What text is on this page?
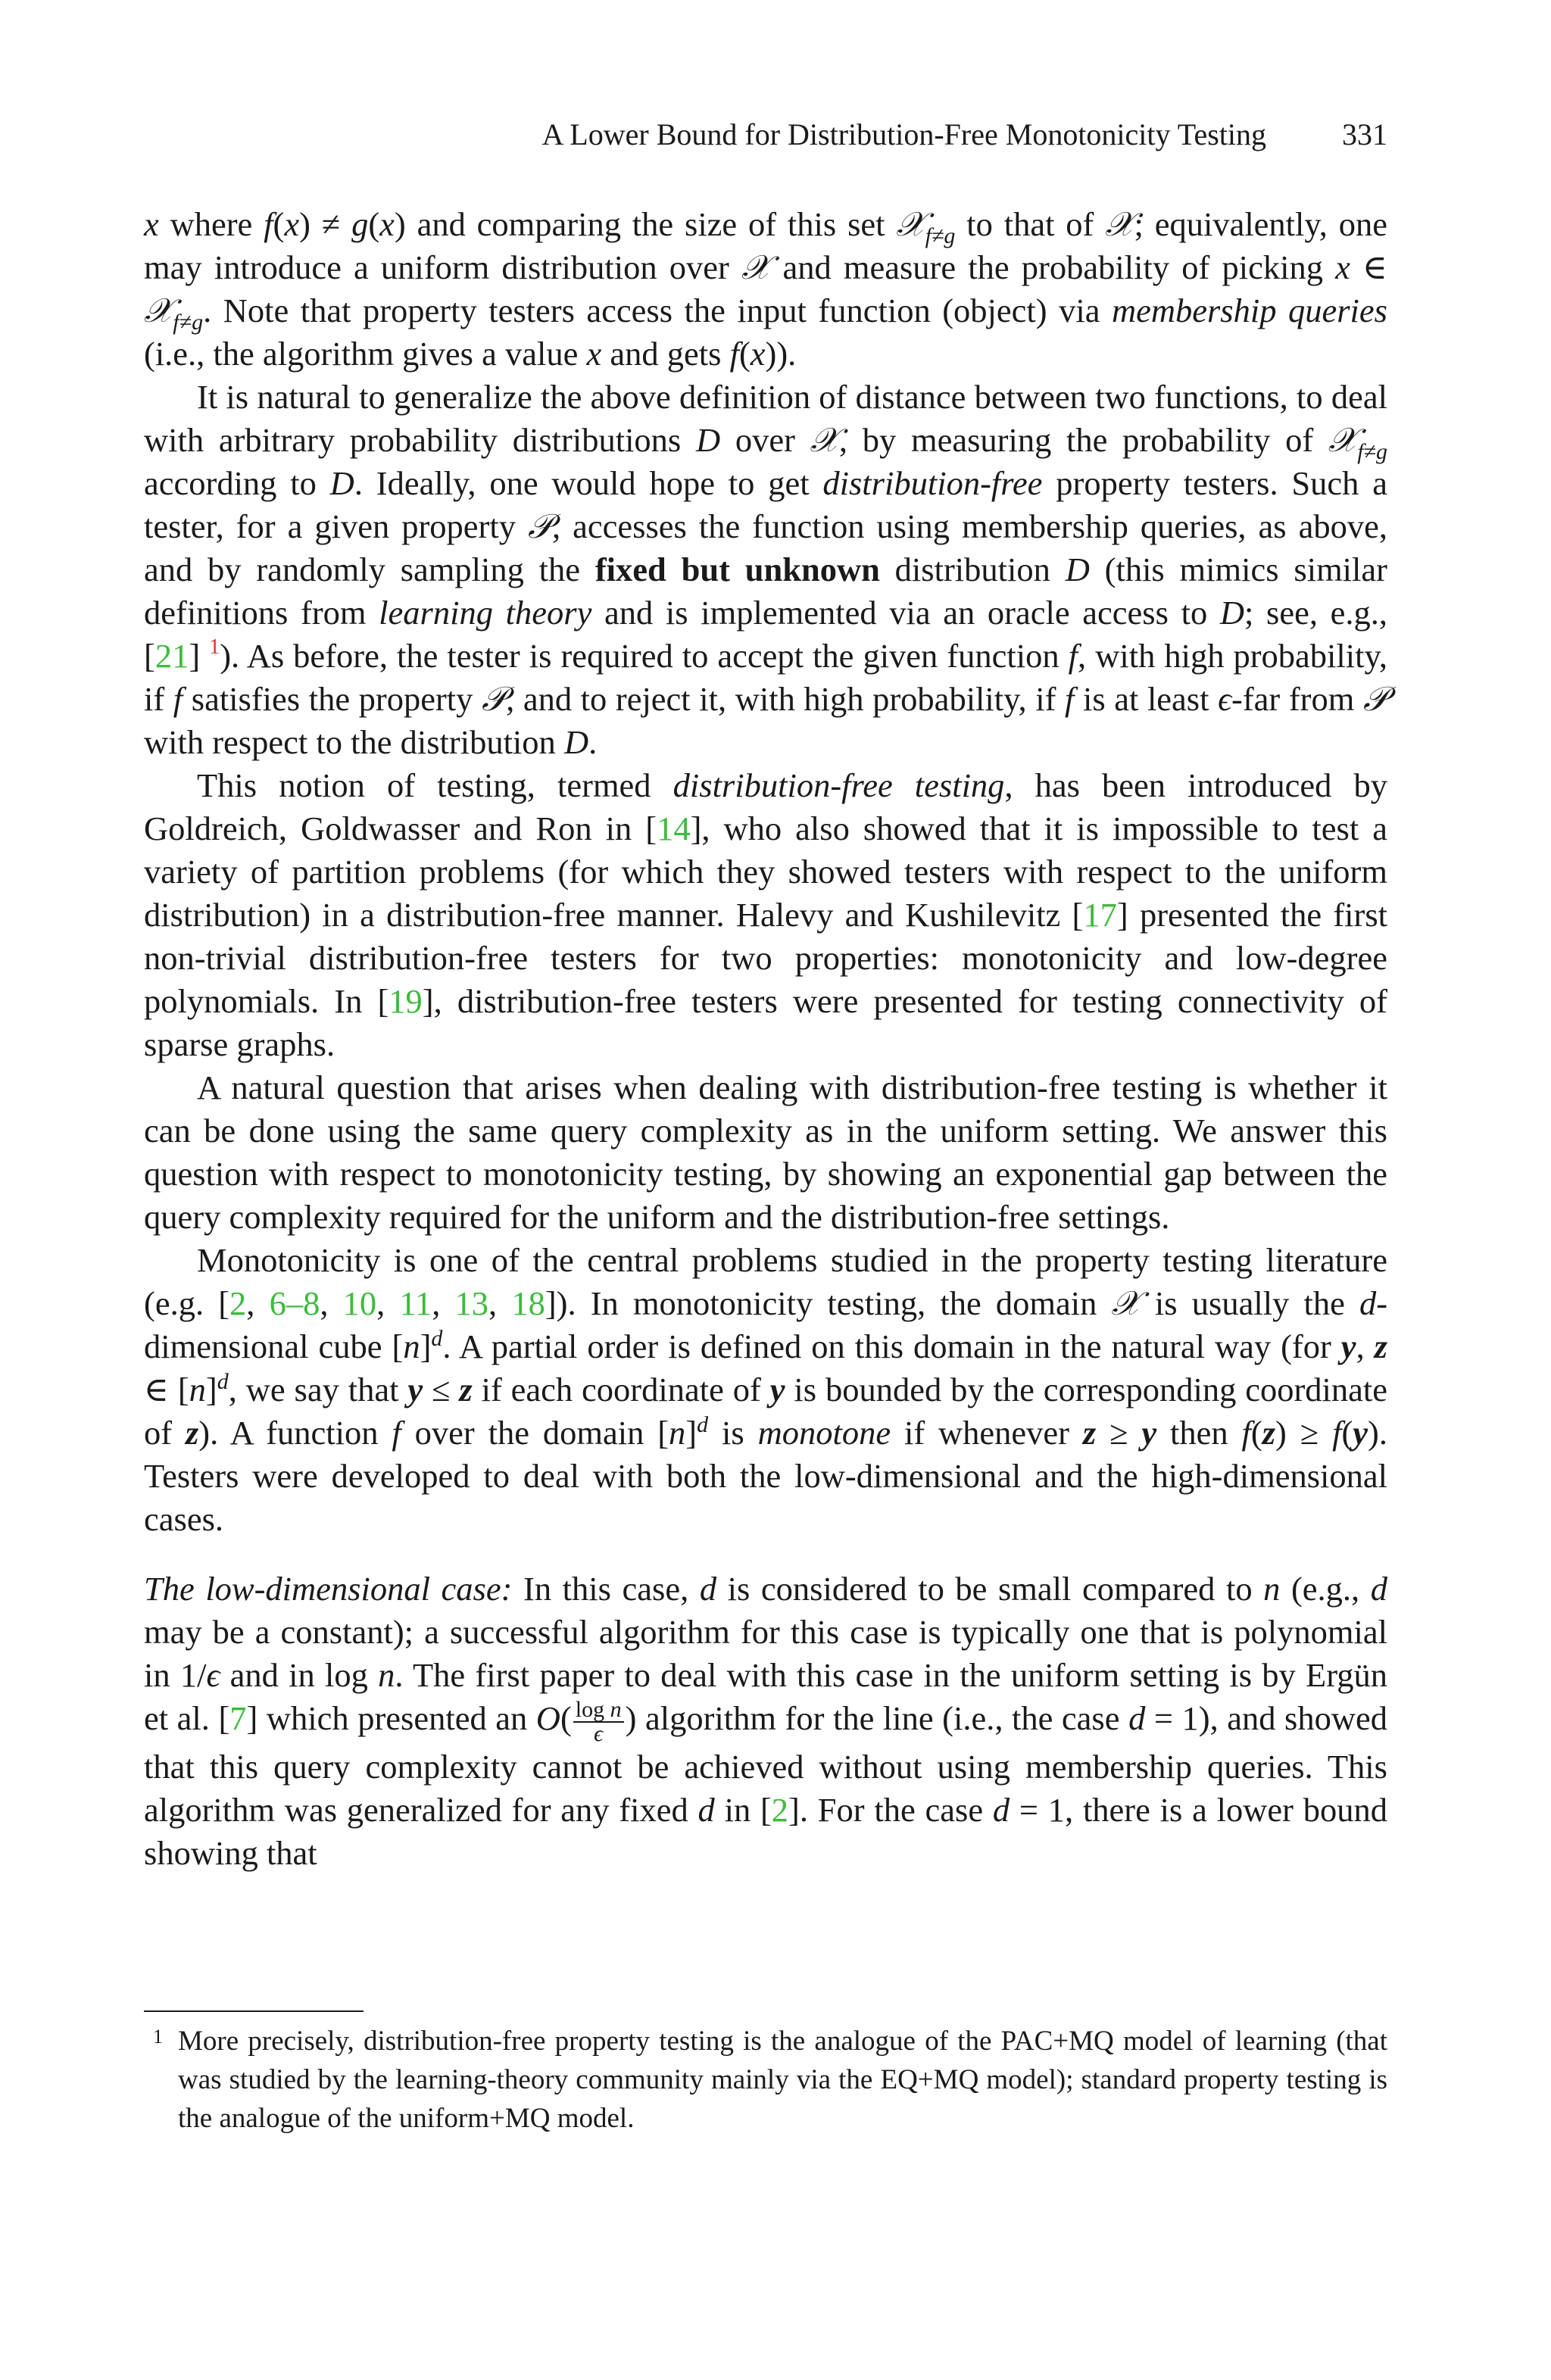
A Lower Bound for Distribution-Free Monotonicity Testing	331

x where f(x) ≠ g(x) and comparing the size of this set 𝒳$_{f\ne g}$ to that of 𝒳; equivalently, one may introduce a uniform distribution over 𝒳 and measure the probability of picking x ∈ 𝒳$_{f\ne g}$. Note that property testers access the input function (object) via membership queries (i.e., the algorithm gives a value x and gets f(x)).

It is natural to generalize the above definition of distance between two functions, to deal with arbitrary probability distributions D over 𝒳, by measuring the probability of 𝒳$_{f\ne g}$ according to D. Ideally, one would hope to get distribution-free property testers. Such a tester, for a given property 𝒫, accesses the function using membership queries, as above, and by randomly sampling the fixed but unknown distribution D (this mimics similar definitions from learning theory and is implemented via an oracle access to D; see, e.g., [21] $^1$). As before, the tester is required to accept the given function f, with high probability, if f satisfies the property 𝒫, and to reject it, with high probability, if f is at least ϵ-far from 𝒫 with respect to the distribution D.

This notion of testing, termed distribution-free testing, has been introduced by Goldreich, Goldwasser and Ron in [14], who also showed that it is impossible to test a variety of partition problems (for which they showed testers with respect to the uniform distribution) in a distribution-free manner. Halevy and Kushilevitz [17] presented the first non-trivial distribution-free testers for two properties: monotonicity and low-degree polynomials. In [19], distribution-free testers were presented for testing connectivity of sparse graphs.

A natural question that arises when dealing with distribution-free testing is whether it can be done using the same query complexity as in the uniform setting. We answer this question with respect to monotonicity testing, by showing an exponential gap between the query complexity required for the uniform and the distribution-free settings.

Monotonicity is one of the central problems studied in the property testing literature (e.g. [2, 6–8, 10, 11, 13, 18]). In monotonicity testing, the domain 𝒳 is usually the d-dimensional cube $[n]^d$. A partial order is defined on this domain in the natural way (for y, z ∈ $[n]^d$, we say that y ≤ z if each coordinate of y is bounded by the corresponding coordinate of z). A function f over the domain $[n]^d$ is monotone if whenever z ≥ y then f(z) ≥ f(y). Testers were developed to deal with both the low-dimensional and the high-dimensional cases.

The low-dimensional case: In this case, d is considered to be small compared to n (e.g., d may be a constant); a successful algorithm for this case is typically one that is polynomial in 1/ϵ and in log n. The first paper to deal with this case in the uniform setting is by Ergün et al. [7] which presented an $O( \frac{\text{log n}}{\epsilon}$ ) algorithm for the line (i.e., the case d = 1), and showed that this query complexity cannot be achieved without using membership queries. This algorithm was generalized for any fixed d in [2]. For the case d = 1, there is a lower bound showing that

1 More precisely, distribution-free property testing is the analogue of the PAC+MQ model of learning (that was studied by the learning-theory community mainly via the EQ+MQ model); standard property testing is the analogue of the uniform+MQ model.
